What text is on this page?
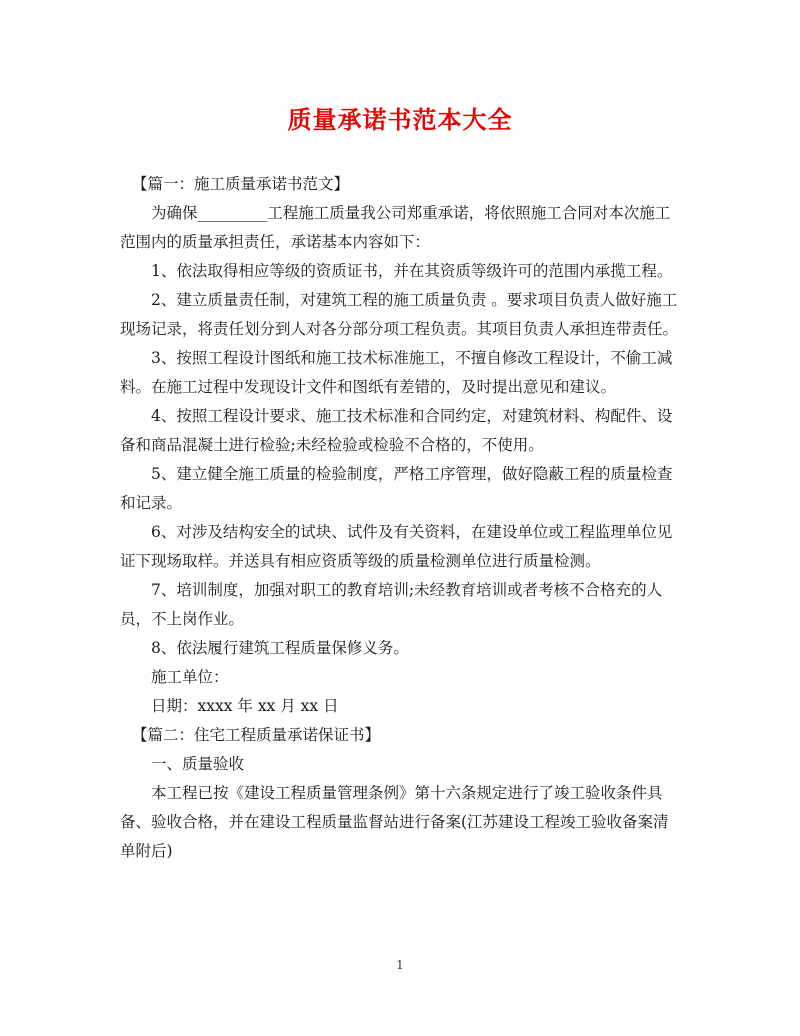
质量承诺书范本大全

【篇一：施工质量承诺书范文】

为确保_________工程施工质量我公司郑重承诺，将依照施工合同对本次施工范围内的质量承担责任，承诺基本内容如下：

1、依法取得相应等级的资质证书，并在其资质等级许可的范围内承揽工程。

2、建立质量责任制，对建筑工程的施工质量负责 。要求项目负责人做好施工现场记录，将责任划分到人对各分部分项工程负责。其项目负责人承担连带责任。

3、按照工程设计图纸和施工技术标准施工，不擅自修改工程设计，不偷工减料。在施工过程中发现设计文件和图纸有差错的，及时提出意见和建议。

4、按照工程设计要求、施工技术标准和合同约定，对建筑材料、构配件、设备和商品混凝土进行检验;未经检验或检验不合格的，不使用。

5、建立健全施工质量的检验制度，严格工序管理，做好隐蔽工程的质量检查和记录。

6、对涉及结构安全的试块、试件及有关资料，在建设单位或工程监理单位见证下现场取样。并送具有相应资质等级的质量检测单位进行质量检测。

7、培训制度，加强对职工的教育培训;未经教育培训或者考核不合格充的人员，不上岗作业。

8、依法履行建筑工程质量保修义务。

施工单位：

日期：xxxx 年 xx 月 xx 日

【篇二：住宅工程质量承诺保证书】

一、质量验收

本工程已按《建设工程质量管理条例》第十六条规定进行了竣工验收条件具备、验收合格，并在建设工程质量监督站进行备案(江苏建设工程竣工验收备案清单附后)

1
